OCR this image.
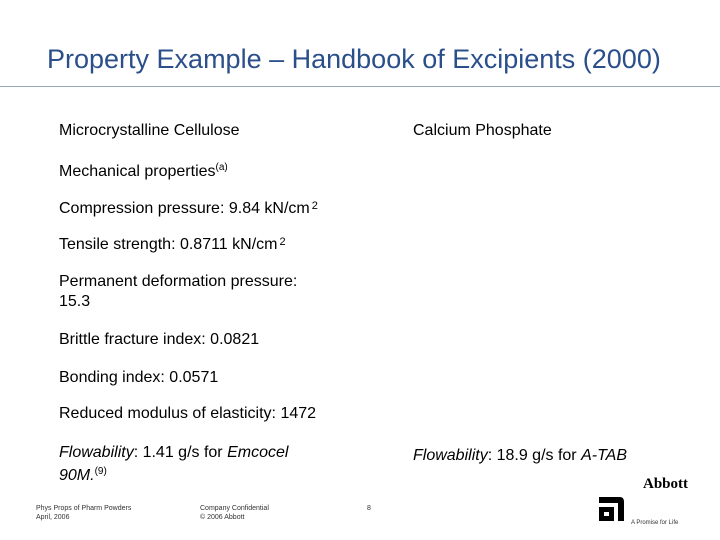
Property Example – Handbook of Excipients (2000)
Microcrystalline Cellulose	Calcium Phosphate
Mechanical properties$^{(a)}$
Compression pressure: 9.84 kN/cm $^2$
Tensile strength: 0.8711 kN/cm $^2$
Permanent deformation pressure:
15.3
Brittle fracture index: 0.0821
Bonding index: 0.0571
Reduced modulus of elasticity: 1472
Flowability: 1.41 g/s for Emcocel
90M.$^{(9)}$
Flowability: 18.9 g/s for A-TAB
Phys Props of Pharm Powders
April, 2006
Company Confidential
© 2006 Abbott
8
Abbott
A Promise for Life
